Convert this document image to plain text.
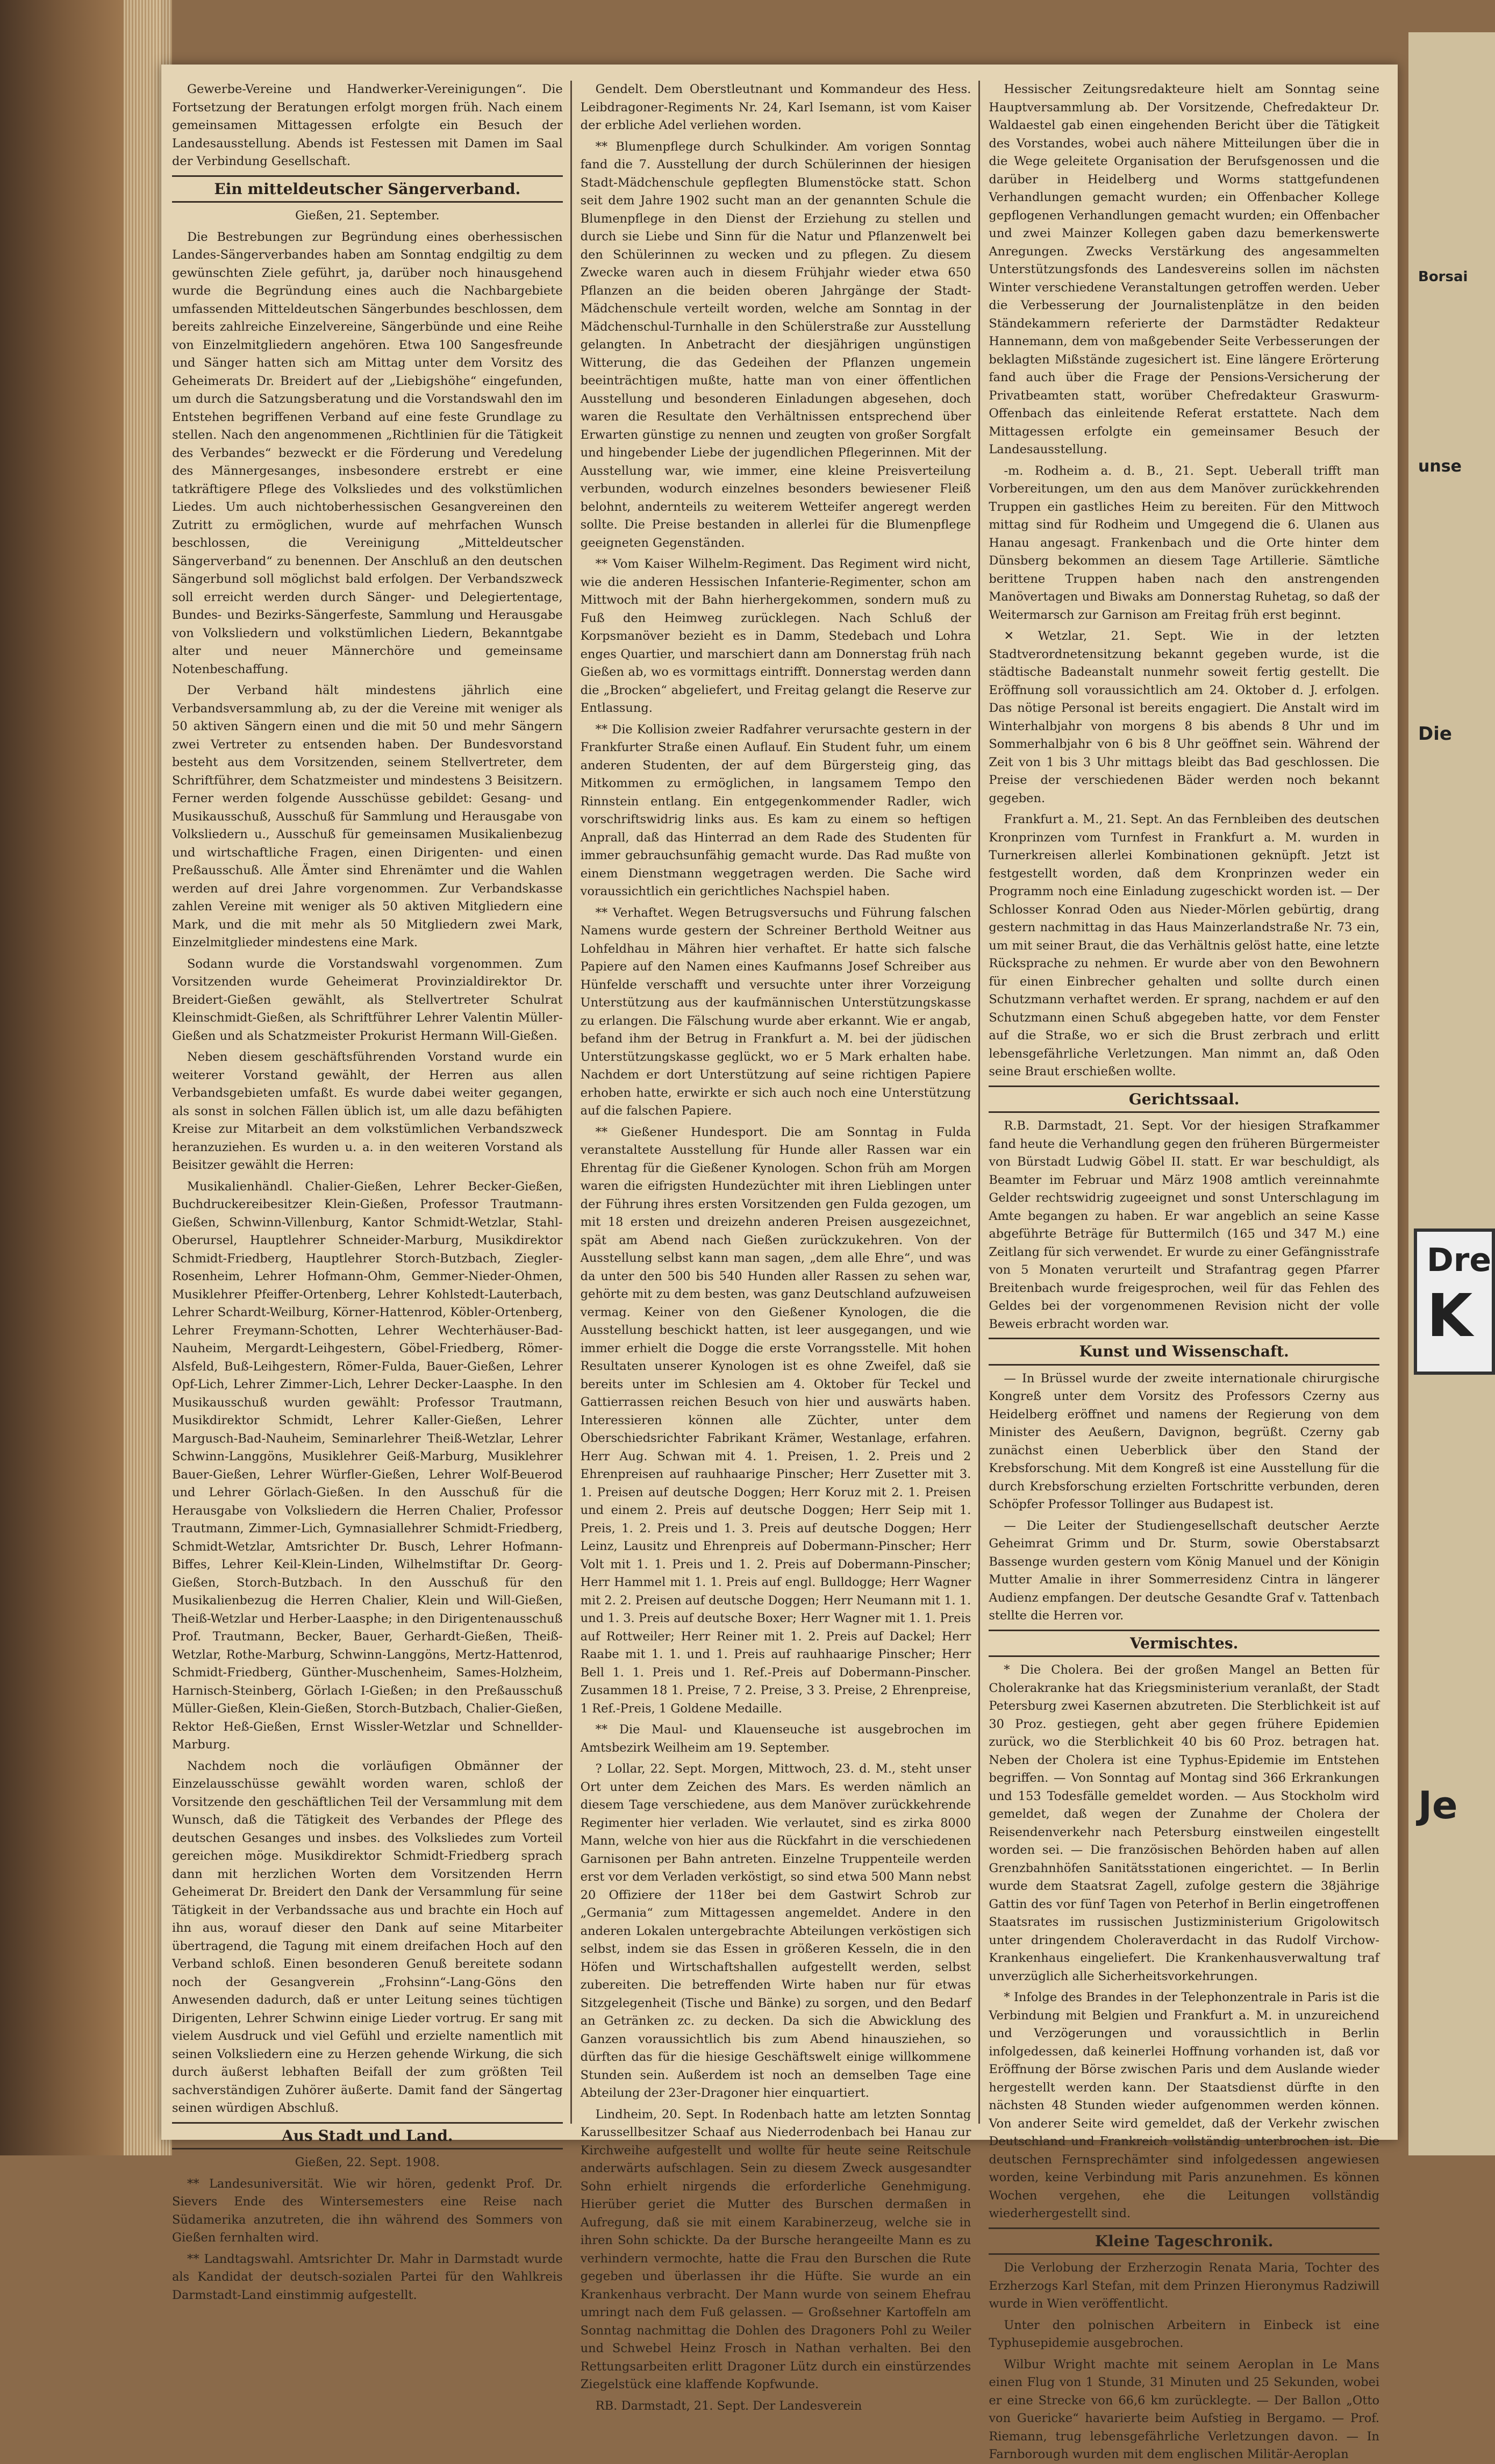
Gewerbe-Vereine und Handwerker-Vereinigungen“. Die Fortsetzung der Beratungen erfolgt morgen früh. Nach einem gemeinsamen Mittagessen erfolgte ein Besuch der Landesausstellung. Abends ist Festessen mit Damen im Saal der Verbindung Gesellschaft.

Ein mitteldeutscher Sängerverband.
Gießen, 21. September.

Die Bestrebungen zur Begründung eines oberhessischen Landes-Sängerverbandes haben am Sonntag endgiltig zu dem gewünschten Ziele geführt, ja, darüber noch hinausgehend wurde die Begründung eines auch die Nachbargebiete umfassenden Mitteldeutschen Sängerbundes beschlossen, dem bereits zahlreiche Einzelvereine, Sängerbünde und eine Reihe von Einzelmitgliedern angehören. Etwa 100 Sangesfreunde und Sänger hatten sich am Mittag unter dem Vorsitz des Geheimerats Dr. Breidert auf der „Liebigshöhe“ eingefunden, um durch die Satzungsberatung und die Vorstandswahl den im Entstehen begriffenen Verband auf eine feste Grundlage zu stellen. Nach den angenommenen „Richtlinien für die Tätigkeit des Verbandes“ bezweckt er die Förderung und Veredelung des Männergesanges, insbesondere erstrebt er eine tatkräftigere Pflege des Volksliedes und des volkstümlichen Liedes. Um auch nichtoberhessischen Gesangvereinen den Zutritt zu ermöglichen, wurde auf mehrfachen Wunsch beschlossen, die Vereinigung „Mitteldeutscher Sängerverband“ zu benennen. Der Anschluß an den deutschen Sängerbund soll möglichst bald erfolgen. Der Verbandszweck soll erreicht werden durch Sänger- und Delegiertentage, Bundes- und Bezirks-Sängerfeste, Sammlung und Herausgabe von Volksliedern und volkstümlichen Liedern, Bekanntgabe alter und neuer Männerchöre und gemeinsame Notenbeschaffung.

Der Verband hält mindestens jährlich eine Verbandsversammlung ab, zu der die Vereine mit weniger als 50 aktiven Sängern einen und die mit 50 und mehr Sängern zwei Vertreter zu entsenden haben. Der Bundesvorstand besteht aus dem Vorsitzenden, seinem Stellvertreter, dem Schriftführer, dem Schatzmeister und mindestens 3 Beisitzern. Ferner werden folgende Ausschüsse gebildet: Gesang- und Musikausschuß, Ausschuß für Sammlung und Herausgabe von Volksliedern u., Ausschuß für gemeinsamen Musikalienbezug und wirtschaftliche Fragen, einen Dirigenten- und einen Preßausschuß. Alle Ämter sind Ehrenämter und die Wahlen werden auf drei Jahre vorgenommen. Zur Verbandskasse zahlen Vereine mit weniger als 50 aktiven Mitgliedern eine Mark, und die mit mehr als 50 Mitgliedern zwei Mark, Einzelmitglieder mindestens eine Mark.

Sodann wurde die Vorstandswahl vorgenommen. Zum Vorsitzenden wurde Geheimerat Provinzialdirektor Dr. Breidert-Gießen gewählt, als Stellvertreter Schulrat Kleinschmidt-Gießen, als Schriftführer Lehrer Valentin Müller-Gießen und als Schatzmeister Prokurist Hermann Will-Gießen.

Neben diesem geschäftsführenden Vorstand wurde ein weiterer Vorstand gewählt, der Herren aus allen Verbandsgebieten umfaßt. Es wurde dabei weiter gegangen, als sonst in solchen Fällen üblich ist, um alle dazu befähigten Kreise zur Mitarbeit an dem volkstümlichen Verbandszweck heranzuziehen. Es wurden u. a. in den weiteren Vorstand als Beisitzer gewählt die Herren:

Musikalienhändl. Chalier-Gießen, Lehrer Becker-Gießen, Buchdruckereibesitzer Klein-Gießen, Professor Trautmann-Gießen, Schwinn-Villenburg, Kantor Schmidt-Wetzlar, Stahl-Oberursel, Hauptlehrer Schneider-Marburg, Musikdirektor Schmidt-Friedberg, Hauptlehrer Storch-Butzbach, Ziegler-Rosenheim, Lehrer Hofmann-Ohm, Gemmer-Nieder-Ohmen, Musiklehrer Pfeiffer-Ortenberg, Lehrer Kohlstedt-Lauterbach, Lehrer Schardt-Weilburg, Körner-Hattenrod, Köbler-Ortenberg, Lehrer Freymann-Schotten, Lehrer Wechterhäuser-Bad-Nauheim, Mergardt-Leihgestern, Göbel-Friedberg, Römer-Alsfeld, Buß-Leihgestern, Römer-Fulda, Bauer-Gießen, Lehrer Opf-Lich, Lehrer Zimmer-Lich, Lehrer Decker-Laasphe. In den Musikausschuß wurden gewählt: Professor Trautmann, Musikdirektor Schmidt, Lehrer Kaller-Gießen, Lehrer Margusch-Bad-Nauheim, Seminarlehrer Theiß-Wetzlar, Lehrer Schwinn-Langgöns, Musiklehrer Geiß-Marburg, Musiklehrer Bauer-Gießen, Lehrer Würfler-Gießen, Lehrer Wolf-Beuerod und Lehrer Görlach-Gießen. In den Ausschuß für die Herausgabe von Volksliedern die Herren Chalier, Professor Trautmann, Zimmer-Lich, Gymnasiallehrer Schmidt-Friedberg, Schmidt-Wetzlar, Amtsrichter Dr. Busch, Lehrer Hofmann-Biffes, Lehrer Keil-Klein-Linden, Wilhelmstiftar Dr. Georg-Gießen, Storch-Butzbach. In den Ausschuß für den Musikalienbezug die Herren Chalier, Klein und Will-Gießen, Theiß-Wetzlar und Herber-Laasphe; in den Dirigentenausschuß Prof. Trautmann, Becker, Bauer, Gerhardt-Gießen, Theiß-Wetzlar, Rothe-Marburg, Schwinn-Langgöns, Mertz-Hattenrod, Schmidt-Friedberg, Günther-Muschenheim, Sames-Holzheim, Harnisch-Steinberg, Görlach I-Gießen; in den Preßausschuß Müller-Gießen, Klein-Gießen, Storch-Butzbach, Chalier-Gießen, Rektor Heß-Gießen, Ernst Wissler-Wetzlar und Schnellder-Marburg.

Nachdem noch die vorläufigen Obmänner der Einzelausschüsse gewählt worden waren, schloß der Vorsitzende den geschäftlichen Teil der Versammlung mit dem Wunsch, daß die Tätigkeit des Verbandes der Pflege des deutschen Gesanges und insbes. des Volksliedes zum Vorteil gereichen möge. Musikdirektor Schmidt-Friedberg sprach dann mit herzlichen Worten dem Vorsitzenden Herrn Geheimerat Dr. Breidert den Dank der Versammlung für seine Tätigkeit in der Verbandssache aus und brachte ein Hoch auf ihn aus, worauf dieser den Dank auf seine Mitarbeiter übertragend, die Tagung mit einem dreifachen Hoch auf den Verband schloß. Einen besonderen Genuß bereitete sodann noch der Gesangverein „Frohsinn“-Lang-Göns den Anwesenden dadurch, daß er unter Leitung seines tüchtigen Dirigenten, Lehrer Schwinn einige Lieder vortrug. Er sang mit vielem Ausdruck und viel Gefühl und erzielte namentlich mit seinen Volksliedern eine zu Herzen gehende Wirkung, die sich durch äußerst lebhaften Beifall der zum größten Teil sachverständigen Zuhörer äußerte. Damit fand der Sängertag seinen würdigen Abschluß.

Aus Stadt und Land.
Gießen, 22. Sept. 1908.

** Landesuniversität. Wie wir hören, gedenkt Prof. Dr. Sievers Ende des Wintersemesters eine Reise nach Südamerika anzutreten, die ihn während des Sommers von Gießen fernhalten wird.

** Landtagswahl. Amtsrichter Dr. Mahr in Darmstadt wurde als Kandidat der deutsch-sozialen Partei für den Wahlkreis Darmstadt-Land einstimmig aufgestellt.

Gendelt. Dem Oberstleutnant und Kommandeur des Hess. Leibdragoner-Regiments Nr. 24, Karl Isemann, ist vom Kaiser der erbliche Adel verliehen worden.

** Blumenpflege durch Schulkinder. Am vorigen Sonntag fand die 7. Ausstellung der durch Schülerinnen der hiesigen Stadt-Mädchenschule gepflegten Blumenstöcke statt. Schon seit dem Jahre 1902 sucht man an der genannten Schule die Blumenpflege in den Dienst der Erziehung zu stellen und durch sie Liebe und Sinn für die Natur und Pflanzenwelt bei den Schülerinnen zu wecken und zu pflegen. Zu diesem Zwecke waren auch in diesem Frühjahr wieder etwa 650 Pflanzen an die beiden oberen Jahrgänge der Stadt-Mädchenschule verteilt worden, welche am Sonntag in der Mädchenschul-Turnhalle in den Schülerstraße zur Ausstellung gelangten. In Anbetracht der diesjährigen ungünstigen Witterung, die das Gedeihen der Pflanzen ungemein beeinträchtigen mußte, hatte man von einer öffentlichen Ausstellung und besonderen Einladungen abgesehen, doch waren die Resultate den Verhältnissen entsprechend über Erwarten günstige zu nennen und zeugten von großer Sorgfalt und hingebender Liebe der jugendlichen Pflegerinnen. Mit der Ausstellung war, wie immer, eine kleine Preisverteilung verbunden, wodurch einzelnes besonders bewiesener Fleiß belohnt, andernteils zu weiterem Wetteifer angeregt werden sollte. Die Preise bestanden in allerlei für die Blumenpflege geeigneten Gegenständen.

** Vom Kaiser Wilhelm-Regiment. Das Regiment wird nicht, wie die anderen Hessischen Infanterie-Regimenter, schon am Mittwoch mit der Bahn hierhergekommen, sondern muß zu Fuß den Heimweg zurücklegen. Nach Schluß der Korpsmanöver bezieht es in Damm, Stedebach und Lohra enges Quartier, und marschiert dann am Donnerstag früh nach Gießen ab, wo es vormittags eintrifft. Donnerstag werden dann die „Brocken“ abgeliefert, und Freitag gelangt die Reserve zur Entlassung.

** Die Kollision zweier Radfahrer verursachte gestern in der Frankfurter Straße einen Auflauf. Ein Student fuhr, um einem anderen Studenten, der auf dem Bürgersteig ging, das Mitkommen zu ermöglichen, in langsamem Tempo den Rinnstein entlang. Ein entgegenkommender Radler, wich vorschriftswidrig links aus. Es kam zu einem so heftigen Anprall, daß das Hinterrad an dem Rade des Studenten für immer gebrauchsunfähig gemacht wurde. Das Rad mußte von einem Dienstmann weggetragen werden. Die Sache wird voraussichtlich ein gerichtliches Nachspiel haben.

** Verhaftet. Wegen Betrugsversuchs und Führung falschen Namens wurde gestern der Schreiner Berthold Weitner aus Lohfeldhau in Mähren hier verhaftet. Er hatte sich falsche Papiere auf den Namen eines Kaufmanns Josef Schreiber aus Hünfelde verschafft und versuchte unter ihrer Vorzeigung Unterstützung aus der kaufmännischen Unterstützungskasse zu erlangen. Die Fälschung wurde aber erkannt. Wie er angab, befand ihm der Betrug in Frankfurt a. M. bei der jüdischen Unterstützungskasse geglückt, wo er 5 Mark erhalten habe. Nachdem er dort Unterstützung auf seine richtigen Papiere erhoben hatte, erwirkte er sich auch noch eine Unterstützung auf die falschen Papiere.

** Gießener Hundesport. Die am Sonntag in Fulda veranstaltete Ausstellung für Hunde aller Rassen war ein Ehrentag für die Gießener Kynologen. Schon früh am Morgen waren die eifrigsten Hundezüchter mit ihren Lieblingen unter der Führung ihres ersten Vorsitzenden gen Fulda gezogen, um mit 18 ersten und dreizehn anderen Preisen ausgezeichnet, spät am Abend nach Gießen zurückzukehren. Von der Ausstellung selbst kann man sagen, „dem alle Ehre“, und was da unter den 500 bis 540 Hunden aller Rassen zu sehen war, gehörte mit zu dem besten, was ganz Deutschland aufzuweisen vermag. Keiner von den Gießener Kynologen, die die Ausstellung beschickt hatten, ist leer ausgegangen, und wie immer erhielt die Dogge die erste Vorrangsstelle. Mit hohen Resultaten unserer Kynologen ist es ohne Zweifel, daß sie bereits unter im Schlesien am 4. Oktober für Teckel und Gattierrassen reichen Besuch von hier und auswärts haben. Interessieren können alle Züchter, unter dem Oberschiedsrichter Fabrikant Krämer, Westanlage, erfahren. Herr Aug. Schwan mit 4. 1. Preisen, 1. 2. Preis und 2 Ehrenpreisen auf rauhhaarige Pinscher; Herr Zusetter mit 3. 1. Preisen auf deutsche Doggen; Herr Koruz mit 2. 1. Preisen und einem 2. Preis auf deutsche Doggen; Herr Seip mit 1. Preis, 1. 2. Preis und 1. 3. Preis auf deutsche Doggen; Herr Leinz, Lausitz und Ehrenpreis auf Dobermann-Pinscher; Herr Volt mit 1. 1. Preis und 1. 2. Preis auf Dobermann-Pinscher; Herr Hammel mit 1. 1. Preis auf engl. Bulldogge; Herr Wagner mit 2. 2. Preisen auf deutsche Doggen; Herr Neumann mit 1. 1. und 1. 3. Preis auf deutsche Boxer; Herr Wagner mit 1. 1. Preis auf Rottweiler; Herr Reiner mit 1. 2. Preis auf Dackel; Herr Raabe mit 1. 1. und 1. Preis auf rauhhaarige Pinscher; Herr Bell 1. 1. Preis und 1. Ref.-Preis auf Dobermann-Pinscher. Zusammen 18 1. Preise, 7 2. Preise, 3 3. Preise, 2 Ehrenpreise, 1 Ref.-Preis, 1 Goldene Medaille.

** Die Maul- und Klauenseuche ist ausgebrochen im Amtsbezirk Weilheim am 19. September.

? Lollar, 22. Sept. Morgen, Mittwoch, 23. d. M., steht unser Ort unter dem Zeichen des Mars. Es werden nämlich an diesem Tage verschiedene, aus dem Manöver zurückkehrende Regimenter hier verladen. Wie verlautet, sind es zirka 8000 Mann, welche von hier aus die Rückfahrt in die verschiedenen Garnisonen per Bahn antreten. Einzelne Truppenteile werden erst vor dem Verladen verköstigt, so sind etwa 500 Mann nebst 20 Offiziere der 118er bei dem Gastwirt Schrob zur „Germania“ zum Mittagessen angemeldet. Andere in den anderen Lokalen untergebrachte Abteilungen verköstigen sich selbst, indem sie das Essen in größeren Kesseln, die in den Höfen und Wirtschaftshallen aufgestellt werden, selbst zubereiten. Die betreffenden Wirte haben nur für etwas Sitzgelegenheit (Tische und Bänke) zu sorgen, und den Bedarf an Getränken zc. zu decken. Da sich die Abwicklung des Ganzen voraussichtlich bis zum Abend hinausziehen, so dürften das für die hiesige Geschäftswelt einige willkommene Stunden sein. Außerdem ist noch an demselben Tage eine Abteilung der 23er-Dragoner hier einquartiert.

Lindheim, 20. Sept. In Rodenbach hatte am letzten Sonntag Karussellbesitzer Schaaf aus Niederrodenbach bei Hanau zur Kirchweihe aufgestellt und wollte für heute seine Reitschule anderwärts aufschlagen. Sein zu diesem Zweck ausgesandter Sohn erhielt nirgends die erforderliche Genehmigung. Hierüber geriet die Mutter des Burschen dermaßen in Aufregung, daß sie mit einem Karabinerzeug, welche sie in ihren Sohn schickte. Da der Bursche herangeeilte Mann es zu verhindern vermochte, hatte die Frau den Burschen die Rute gegeben und überlassen ihr die Hüfte. Sie wurde an ein Krankenhaus verbracht. Der Mann wurde von seinem Ehefrau umringt nach dem Fuß gelassen. — Großsehner Kartoffeln am Sonntag nachmittag die Dohlen des Dragoners Pohl zu Weiler und Schwebel Heinz Frosch in Nathan verhalten. Bei den Rettungsarbeiten erlitt Dragoner Lütz durch ein einstürzendes Ziegelstück eine klaffende Kopfwunde.

RB. Darmstadt, 21. Sept. Der Landesverein

Hessischer Zeitungsredakteure hielt am Sonntag seine Hauptversammlung ab. Der Vorsitzende, Chefredakteur Dr. Waldaestel gab einen eingehenden Bericht über die Tätigkeit des Vorstandes, wobei auch nähere Mitteilungen über die in die Wege geleitete Organisation der Berufsgenossen und die darüber in Heidelberg und Worms stattgefundenen Verhandlungen gemacht wurden; ein Offenbacher Kollege gepflogenen Verhandlungen gemacht wurden; ein Offenbacher und zwei Mainzer Kollegen gaben dazu bemerkenswerte Anregungen. Zwecks Verstärkung des angesammelten Unterstützungsfonds des Landesvereins sollen im nächsten Winter verschiedene Veranstaltungen getroffen werden. Ueber die Verbesserung der Journalistenplätze in den beiden Ständekammern referierte der Darmstädter Redakteur Hannemann, dem von maßgebender Seite Verbesserungen der beklagten Mißstände zugesichert ist. Eine längere Erörterung fand auch über die Frage der Pensions-Versicherung der Privatbeamten statt, worüber Chefredakteur Graswurm-Offenbach das einleitende Referat erstattete. Nach dem Mittagessen erfolgte ein gemeinsamer Besuch der Landesausstellung.

-m. Rodheim a. d. B., 21. Sept. Ueberall trifft man Vorbereitungen, um den aus dem Manöver zurückkehrenden Truppen ein gastliches Heim zu bereiten. Für den Mittwoch mittag sind für Rodheim und Umgegend die 6. Ulanen aus Hanau angesagt. Frankenbach und die Orte hinter dem Dünsberg bekommen an diesem Tage Artillerie. Sämtliche berittene Truppen haben nach den anstrengenden Manövertagen und Biwaks am Donnerstag Ruhetag, so daß der Weitermarsch zur Garnison am Freitag früh erst beginnt.

✕ Wetzlar, 21. Sept. Wie in der letzten Stadtverordnetensitzung bekannt gegeben wurde, ist die städtische Badeanstalt nunmehr soweit fertig gestellt. Die Eröffnung soll voraussichtlich am 24. Oktober d. J. erfolgen. Das nötige Personal ist bereits engagiert. Die Anstalt wird im Winterhalbjahr von morgens 8 bis abends 8 Uhr und im Sommerhalbjahr von 6 bis 8 Uhr geöffnet sein. Während der Zeit von 1 bis 3 Uhr mittags bleibt das Bad geschlossen. Die Preise der verschiedenen Bäder werden noch bekannt gegeben.

Frankfurt a. M., 21. Sept. An das Fernbleiben des deutschen Kronprinzen vom Turnfest in Frankfurt a. M. wurden in Turnerkreisen allerlei Kombinationen geknüpft. Jetzt ist festgestellt worden, daß dem Kronprinzen weder ein Programm noch eine Einladung zugeschickt worden ist. — Der Schlosser Konrad Oden aus Nieder-Mörlen gebürtig, drang gestern nachmittag in das Haus Mainzerlandstraße Nr. 73 ein, um mit seiner Braut, die das Verhältnis gelöst hatte, eine letzte Rücksprache zu nehmen. Er wurde aber von den Bewohnern für einen Einbrecher gehalten und sollte durch einen Schutzmann verhaftet werden. Er sprang, nachdem er auf den Schutzmann einen Schuß abgegeben hatte, vor dem Fenster auf die Straße, wo er sich die Brust zerbrach und erlitt lebensgefährliche Verletzungen. Man nimmt an, daß Oden seine Braut erschießen wollte.

Gerichtssaal.

R.B. Darmstadt, 21. Sept. Vor der hiesigen Strafkammer fand heute die Verhandlung gegen den früheren Bürgermeister von Bürstadt Ludwig Göbel II. statt. Er war beschuldigt, als Beamter im Februar und März 1908 amtlich vereinnahmte Gelder rechtswidrig zugeeignet und sonst Unterschlagung im Amte begangen zu haben. Er war angeblich an seine Kasse abgeführte Beträge für Buttermilch (165 und 347 M.) eine Zeitlang für sich verwendet. Er wurde zu einer Gefängnisstrafe von 5 Monaten verurteilt und Strafantrag gegen Pfarrer Breitenbach wurde freigesprochen, weil für das Fehlen des Geldes bei der vorgenommenen Revision nicht der volle Beweis erbracht worden war.

Kunst und Wissenschaft.

— In Brüssel wurde der zweite internationale chirurgische Kongreß unter dem Vorsitz des Professors Czerny aus Heidelberg eröffnet und namens der Regierung von dem Minister des Aeußern, Davignon, begrüßt. Czerny gab zunächst einen Ueberblick über den Stand der Krebsforschung. Mit dem Kongreß ist eine Ausstellung für die durch Krebsforschung erzielten Fortschritte verbunden, deren Schöpfer Professor Tollinger aus Budapest ist.

— Die Leiter der Studiengesellschaft deutscher Aerzte Geheimrat Grimm und Dr. Sturm, sowie Oberstabsarzt Bassenge wurden gestern vom König Manuel und der Königin Mutter Amalie in ihrer Sommerresidenz Cintra in längerer Audienz empfangen. Der deutsche Gesandte Graf v. Tattenbach stellte die Herren vor.

Vermischtes.

* Die Cholera. Bei der großen Mangel an Betten für Cholerakranke hat das Kriegsministerium veranlaßt, der Stadt Petersburg zwei Kasernen abzutreten. Die Sterblichkeit ist auf 30 Proz. gestiegen, geht aber gegen frühere Epidemien zurück, wo die Sterblichkeit 40 bis 60 Proz. betragen hat. Neben der Cholera ist eine Typhus-Epidemie im Entstehen begriffen. — Von Sonntag auf Montag sind 366 Erkrankungen und 153 Todesfälle gemeldet worden. — Aus Stockholm wird gemeldet, daß wegen der Zunahme der Cholera der Reisendenverkehr nach Petersburg einstweilen eingestellt worden sei. — Die französischen Behörden haben auf allen Grenzbahnhöfen Sanitätsstationen eingerichtet. — In Berlin wurde dem Staatsrat Zagell, zufolge gestern die 38jährige Gattin des vor fünf Tagen von Peterhof in Berlin eingetroffenen Staatsrates im russischen Justizministerium Grigolowitsch unter dringendem Choleraverdacht in das Rudolf Virchow-Krankenhaus eingeliefert. Die Krankenhausverwaltung traf unverzüglich alle Sicherheitsvorkehrungen.

* Infolge des Brandes in der Telephonzentrale in Paris ist die Verbindung mit Belgien und Frankfurt a. M. in unzureichend und Verzögerungen und voraussichtlich in Berlin infolgedessen, daß keinerlei Hoffnung vorhanden ist, daß vor Eröffnung der Börse zwischen Paris und dem Auslande wieder hergestellt werden kann. Der Staatsdienst dürfte in den nächsten 48 Stunden wieder aufgenommen werden können. Von anderer Seite wird gemeldet, daß der Verkehr zwischen Deutschland und Frankreich vollständig unterbrochen ist. Die deutschen Fernsprechämter sind infolgedessen angewiesen worden, keine Verbindung mit Paris anzunehmen. Es können Wochen vergehen, ehe die Leitungen vollständig wiederhergestellt sind.

Kleine Tageschronik.

Die Verlobung der Erzherzogin Renata Maria, Tochter des Erzherzogs Karl Stefan, mit dem Prinzen Hieronymus Radziwill wurde in Wien veröffentlicht.

Unter den polnischen Arbeitern in Einbeck ist eine Typhusepidemie ausgebrochen.

Wilbur Wright machte mit seinem Aeroplan in Le Mans einen Flug von 1 Stunde, 31 Minuten und 25 Sekunden, wobei er eine Strecke von 66,6 km zurücklegte. — Der Ballon „Otto von Guericke“ havarierte beim Aufstieg in Bergamo. — Prof. Riemann, trug lebensgefährliche Verletzungen davon. — In Farnborough wurden mit dem englischen Militär-Aeroplan

Borsai
unse
Die
Dre
K
Je
